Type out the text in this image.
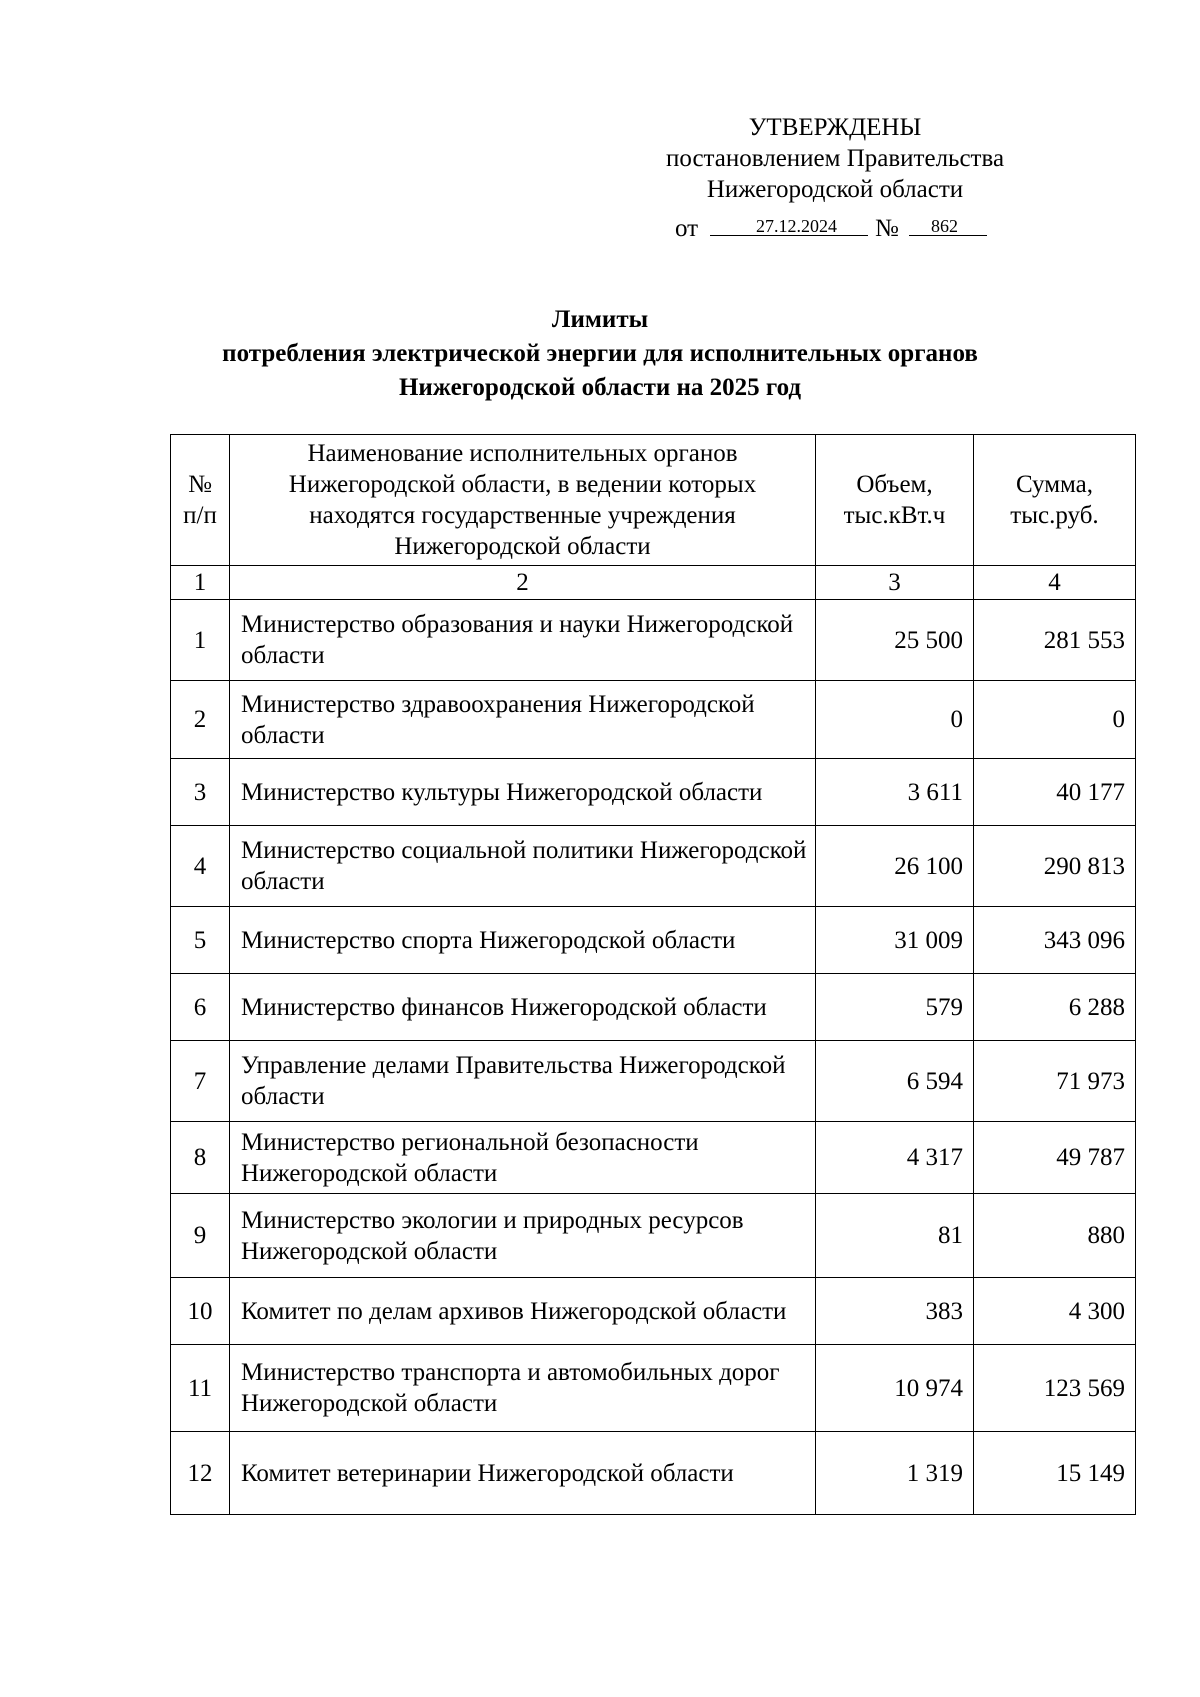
УТВЕРЖДЕНЫ
постановлением Правительства
Нижегородской области
от	27.12.2024 № 862
Лимиты
потребления электрической энергии для исполнительных органов
Нижегородской области на 2025 год
№ п/п	Наименование исполнительных органов Нижегородской области, в ведении которых находятся государственные учреждения Нижегородской области	Объем, тыс.кВт.ч	Сумма, тыс.руб.
1	2	3	4
1	Министерство образования и науки Нижегородской области	25 500	281 553
2	Министерство здравоохранения Нижегородской области	0	0
3	Министерство культуры Нижегородской области	3 611	40 177
4	Министерство социальной политики Нижегородской области	26 100	290 813
5	Министерство спорта Нижегородской области	31 009	343 096
6	Министерство финансов Нижегородской области	579	6 288
7	Управление делами Правительства Нижегородской области	6 594	71 973
8	Министерство региональной безопасности Нижегородской области	4 317	49 787
9	Министерство экологии и природных ресурсов Нижегородской области	81	880
10	Комитет по делам архивов Нижегородской области	383	4 300
11	Министерство транспорта и автомобильных дорог Нижегородской области	10 974	123 569
12	Комитет ветеринарии Нижегородской области	1 319	15 149
